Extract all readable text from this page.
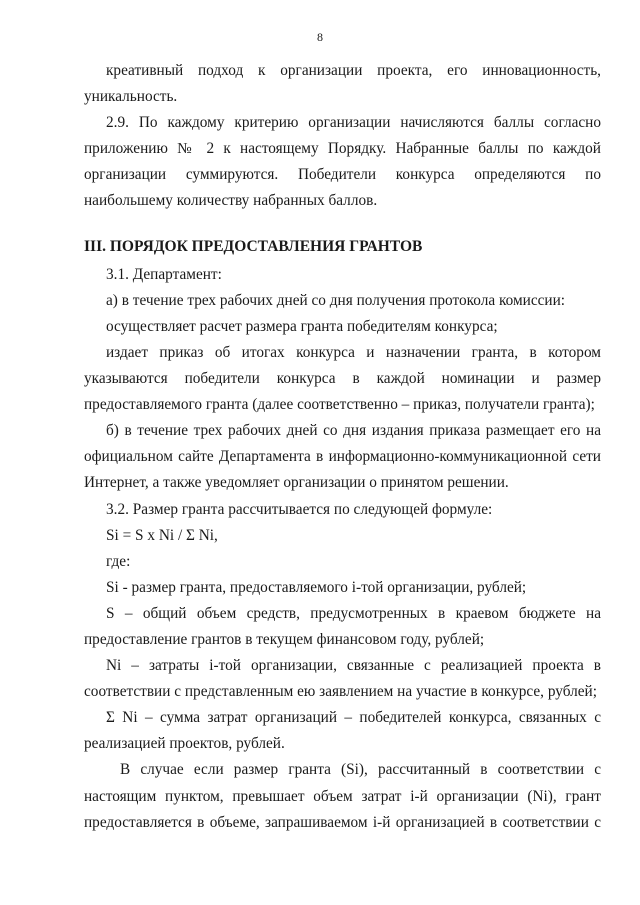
8

креативный подход к организации проекта, его инновационность, уникальность.

2.9. По каждому критерию организации начисляются баллы согласно приложению № 2 к настоящему Порядку. Набранные баллы по каждой организации суммируются. Победители конкурса определяются по наибольшему количеству набранных баллов.

III. ПОРЯДОК ПРЕДОСТАВЛЕНИЯ ГРАНТОВ

3.1. Департамент:

а) в течение трех рабочих дней со дня получения протокола комиссии:

осуществляет расчет размера гранта победителям конкурса;

издает приказ об итогах конкурса и назначении гранта, в котором указываются победители конкурса в каждой номинации и размер предоставляемого гранта (далее соответственно – приказ, получатели гранта);

б) в течение трех рабочих дней со дня издания приказа размещает его на официальном сайте Департамента в информационно-коммуникационной сети Интернет, а также уведомляет организации о принятом решении.

3.2. Размер гранта рассчитывается по следующей формуле:

Si = S x Ni / Σ Ni,

где:

Si - размер гранта, предоставляемого i-той организации, рублей;

S – общий объем средств, предусмотренных в краевом бюджете на предоставление грантов в текущем финансовом году, рублей;

Ni – затраты i-той организации, связанные с реализацией проекта в соответствии с представленным ею заявлением на участие в конкурсе, рублей;

Σ Ni – сумма затрат организаций – победителей конкурса, связанных с реализацией проектов, рублей.

В случае если размер гранта (Si), рассчитанный в соответствии с настоящим пунктом, превышает объем затрат i-й организации (Ni), грант предоставляется в объеме, запрашиваемом i-й организацией в соответствии с
